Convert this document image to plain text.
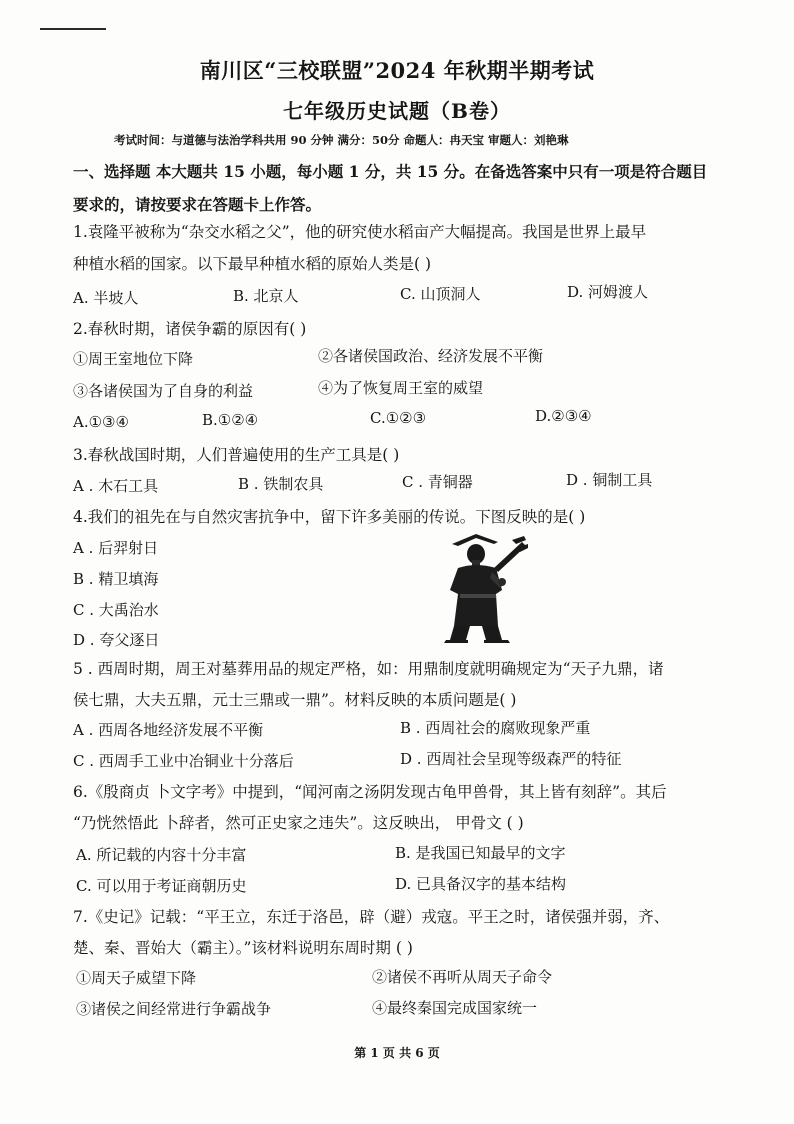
南川区“三校联盟”2024 年秋期半期考试
七年级历史试题（B卷）
考试时间：与道德与法治学科共用 90 分钟 满分：50分 命题人：冉天宝 审题人：刘艳琳
一、选择题 本大题共 15 小题，每小题 1 分，共 15 分。在备选答案中只有一项是符合题目
要求的，请按要求在答题卡上作答。
1.袁隆平被称为“杂交水稻之父”，他的研究使水稻亩产大幅提高。我国是世界上最早
种植水稻的国家。以下最早种植水稻的原始人类是( )
A. 半坡人	B. 北京人	C. 山顶洞人	D. 河姆渡人
2.春秋时期，诸侯争霸的原因有( )
①周王室地位下降	②各诸侯国政治、经济发展不平衡
③各诸侯国为了自身的利益	④为了恢复周王室的威望
A.①③④	B.①②④	C.①②③	D.②③④
3.春秋战国时期，人们普遍使用的生产工具是( )
A . 木石工具	B . 铁制农具	C . 青铜器	D . 铜制工具
4.我们的祖先在与自然灾害抗争中，留下许多美丽的传说。下图反映的是( )
A . 后羿射日
B . 精卫填海
C . 大禹治水
D . 夸父逐日
5 . 西周时期，周王对墓葬用品的规定严格，如：用鼎制度就明确规定为“天子九鼎，诸
侯七鼎，大夫五鼎，元士三鼎或一鼎”。材料反映的本质问题是( )
A . 西周各地经济发展不平衡	B . 西周社会的腐败现象严重
C . 西周手工业中冶铜业十分落后	D . 西周社会呈现等级森严的特征
6.《殷商贞 卜文字考》中提到，“闻河南之汤阴发现古龟甲兽骨，其上皆有刻辞”。其后
“乃恍然悟此 卜辞者，然可正史家之违失”。这反映出， 甲骨文 ( )
A. 所记载的内容十分丰富	B. 是我国已知最早的文字
C. 可以用于考证商朝历史	D. 已具备汉字的基本结构
7.《史记》记载：“平王立，东迁于洛邑，辟（避）戎寇。平王之时，诸侯强并弱，齐、
楚、秦、晋始大（霸主）。”该材料说明东周时期 ( )
①周天子威望下降	②诸侯不再听从周天子命令
③诸侯之间经常进行争霸战争	④最终秦国完成国家统一
第 1 页 共 6 页
